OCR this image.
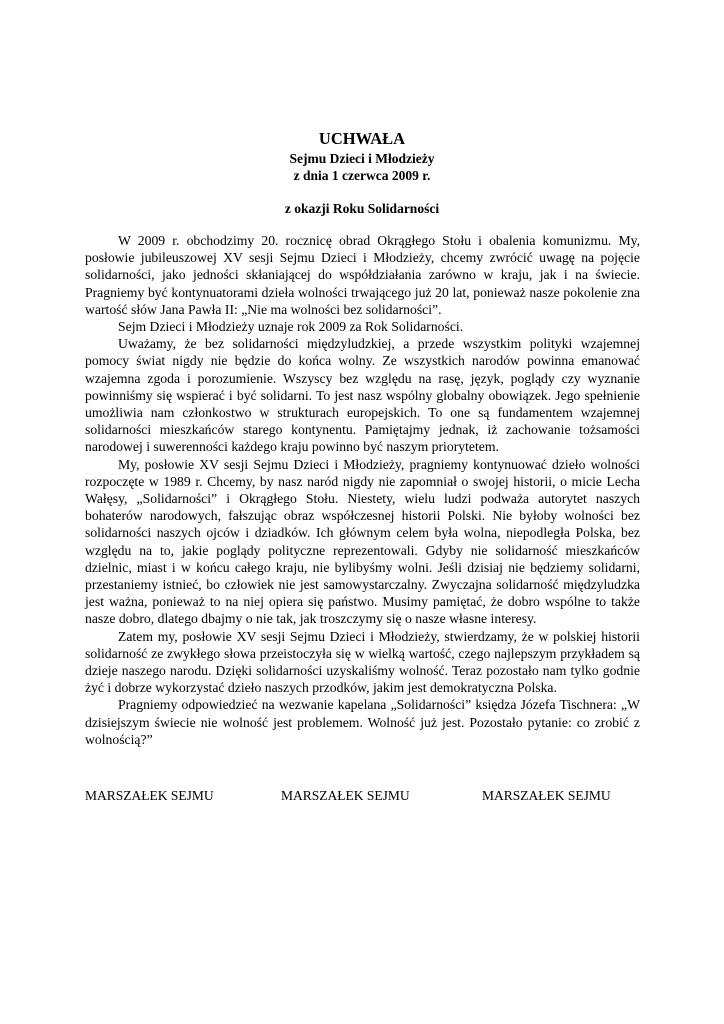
UCHWAŁA
Sejmu Dzieci i Młodzieży
z dnia 1 czerwca 2009 r.
z okazji Roku Solidarności

W 2009 r. obchodzimy 20. rocznicę obrad Okrągłego Stołu i obalenia komunizmu. My, posłowie jubileuszowej XV sesji Sejmu Dzieci i Młodzieży, chcemy zwrócić uwagę na pojęcie solidarności, jako jedności skłaniającej do współdziałania zarówno w kraju, jak i na świecie. Pragniemy być kontynuatorami dzieła wolności trwającego już 20 lat, ponieważ nasze pokolenie zna wartość słów Jana Pawła II: „Nie ma wolności bez solidarności”.

Sejm Dzieci i Młodzieży uznaje rok 2009 za Rok Solidarności.

Uważamy, że bez solidarności międzyludzkiej, a przede wszystkim polityki wzajemnej pomocy świat nigdy nie będzie do końca wolny. Ze wszystkich narodów powinna emanować wzajemna zgoda i porozumienie. Wszyscy bez względu na rasę, język, poglądy czy wyznanie powinniśmy się wspierać i być solidarni. To jest nasz wspólny globalny obowiązek. Jego spełnienie umożliwia nam członkostwo w strukturach europejskich. To one są fundamentem wzajemnej solidarności mieszkańców starego kontynentu. Pamiętajmy jednak, iż zachowanie tożsamości narodowej i suwerenności każdego kraju powinno być naszym priorytetem.

My, posłowie XV sesji Sejmu Dzieci i Młodzieży, pragniemy kontynuować dzieło wolności rozpoczęte w 1989 r. Chcemy, by nasz naród nigdy nie zapomniał o swojej historii, o micie Lecha Wałęsy, „Solidarności” i Okrągłego Stołu. Niestety, wielu ludzi podważa autorytet naszych bohaterów narodowych, fałszując obraz współczesnej historii Polski. Nie byłoby wolności bez solidarności naszych ojców i dziadków. Ich głównym celem była wolna, niepodległa Polska, bez względu na to, jakie poglądy polityczne reprezentowali. Gdyby nie solidarność mieszkańców dzielnic, miast i w końcu całego kraju, nie bylibyśmy wolni. Jeśli dzisiaj nie będziemy solidarni, przestaniemy istnieć, bo człowiek nie jest samowystarczalny. Zwyczajna solidarność międzyludzka jest ważna, ponieważ to na niej opiera się państwo. Musimy pamiętać, że dobro wspólne to także nasze dobro, dlatego dbajmy o nie tak, jak troszczymy się o nasze własne interesy.

Zatem my, posłowie XV sesji Sejmu Dzieci i Młodzieży, stwierdzamy, że w polskiej historii solidarność ze zwykłego słowa przeistoczyła się w wielką wartość, czego najlepszym przykładem są dzieje naszego narodu. Dzięki solidarności uzyskaliśmy wolność. Teraz pozostało nam tylko godnie żyć i dobrze wykorzystać dzieło naszych przodków, jakim jest demokratyczna Polska.

Pragniemy odpowiedzieć na wezwanie kapelana „Solidarności” księdza Józefa Tischnera: „W dzisiejszym świecie nie wolność jest problemem. Wolność już jest. Pozostało pytanie: co zrobić z wolnością?”

MARSZAŁEK SEJMU	MARSZAŁEK SEJMU	MARSZAŁEK SEJMU
